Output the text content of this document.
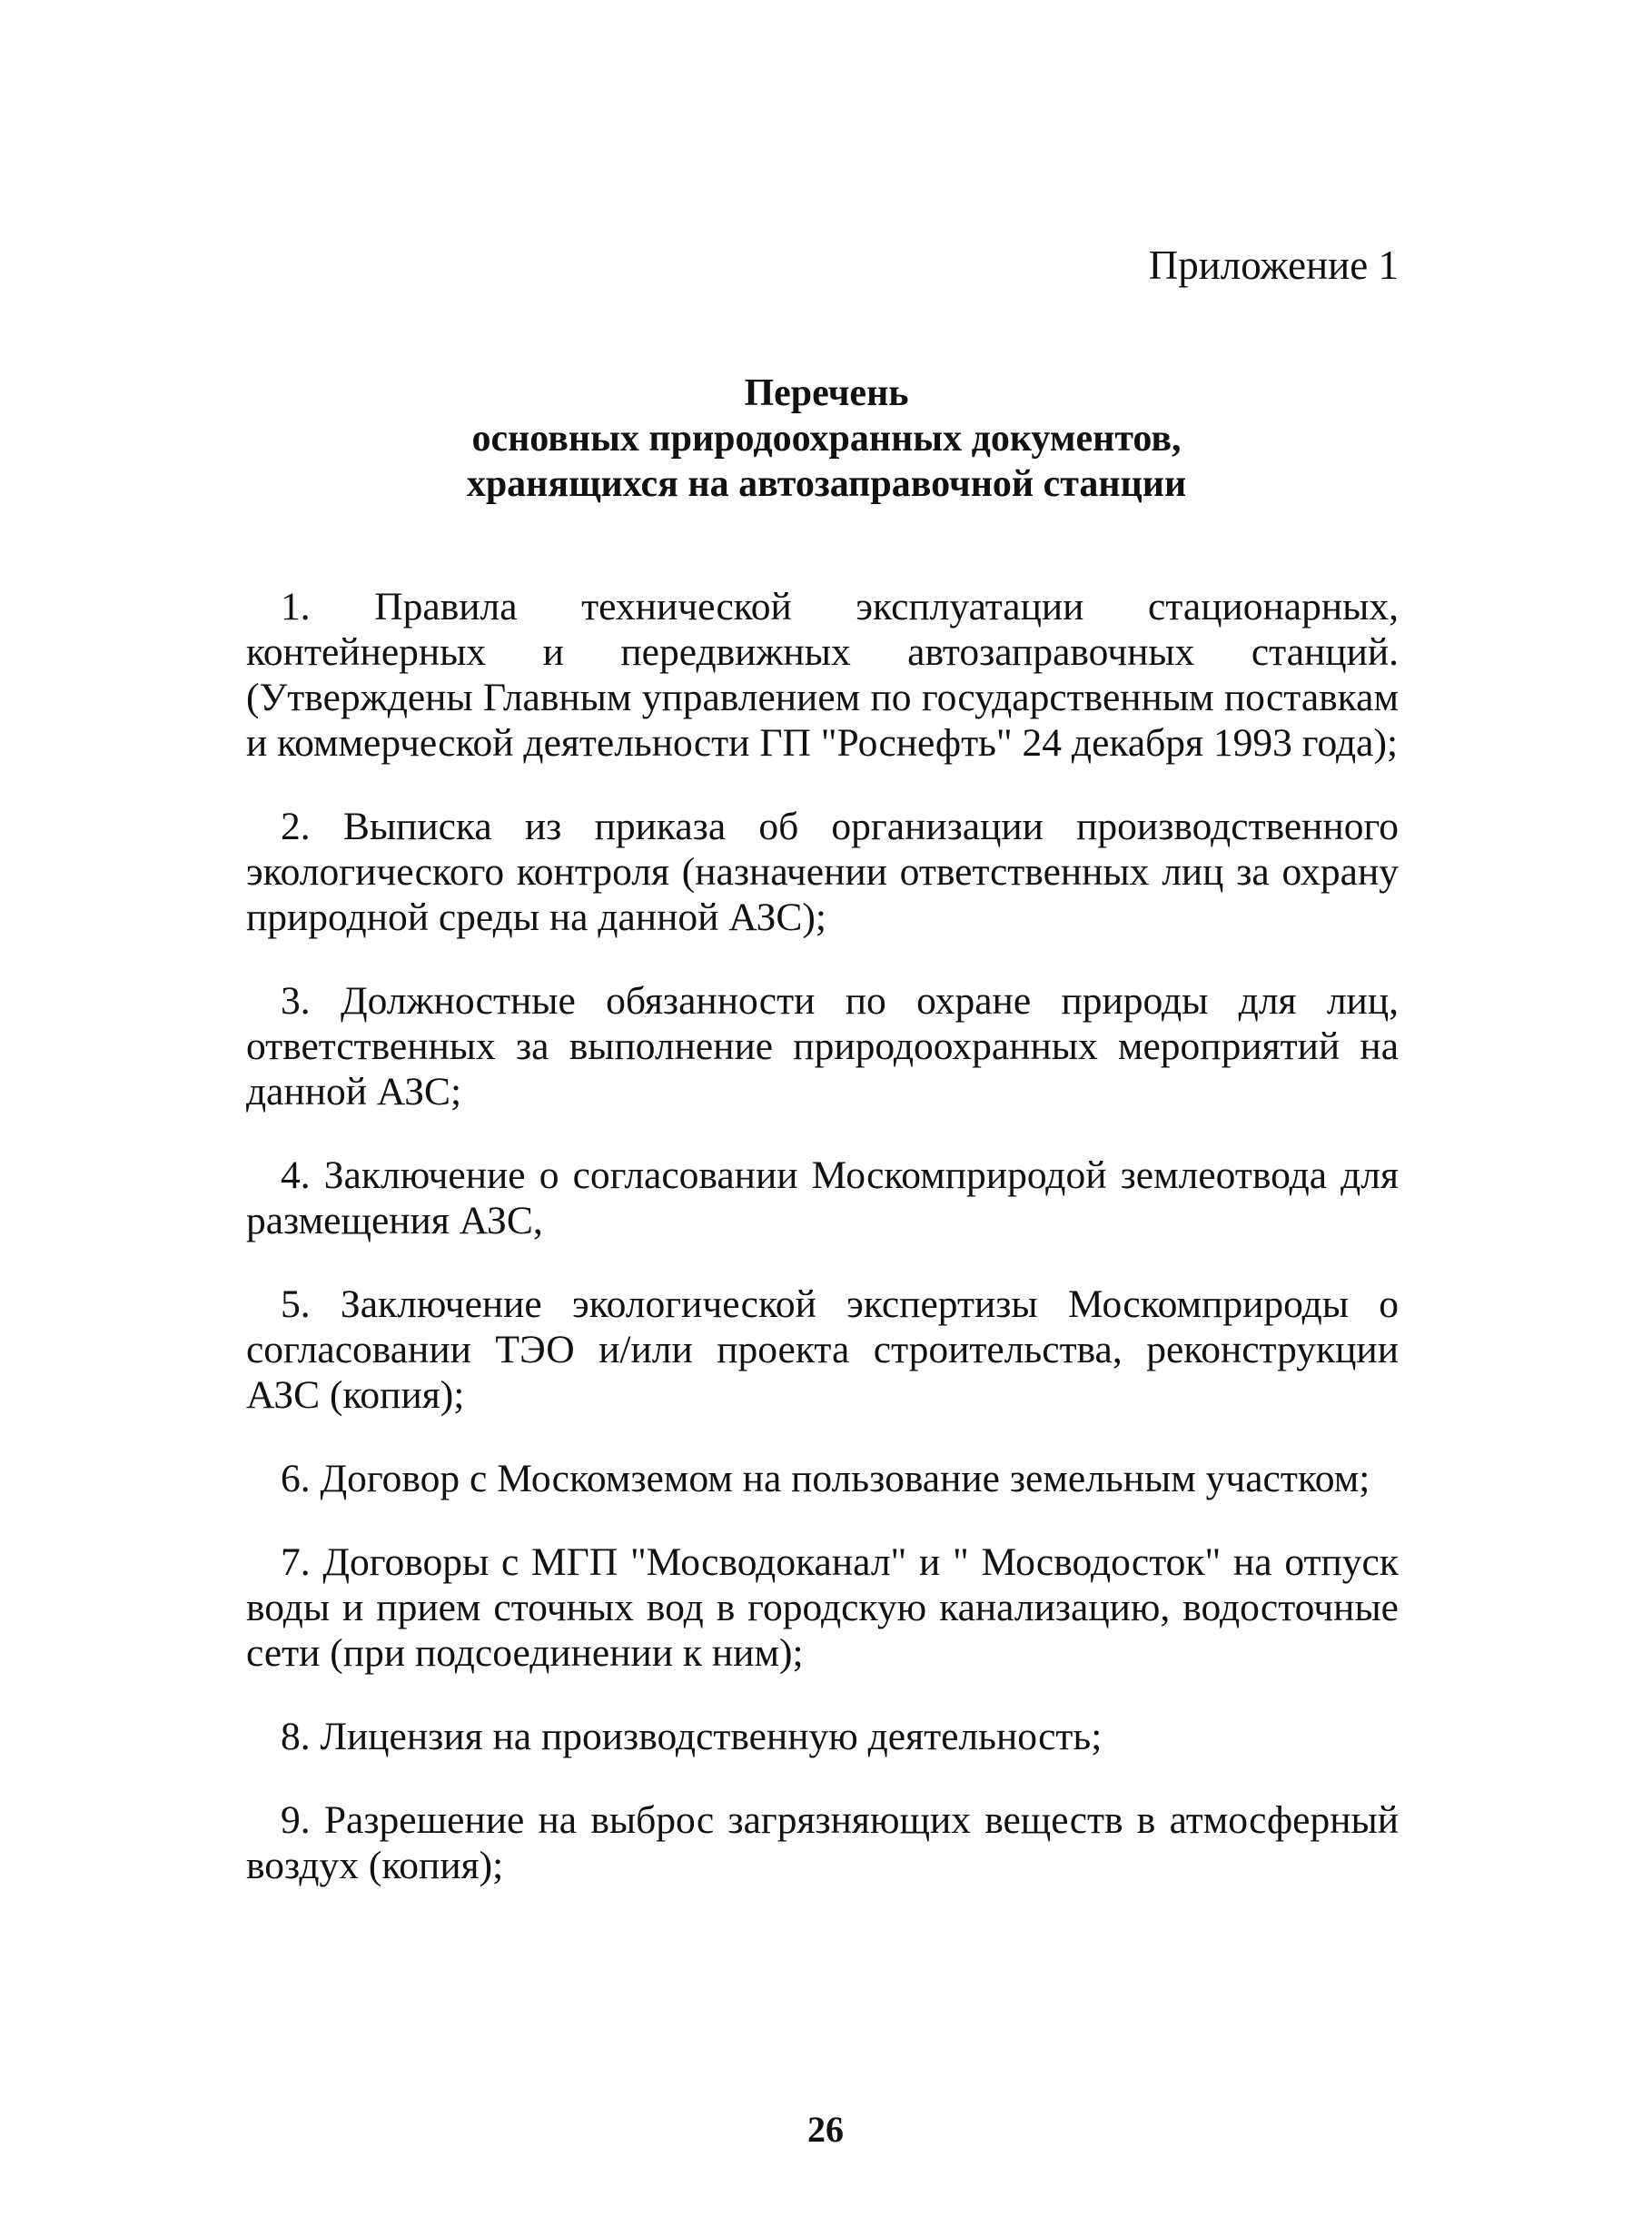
Приложение 1
Перечень
основных природоохранных документов,
хранящихся на автозаправочной станции

1. Правила технической эксплуатации стационарных, контейнерных и передвижных автозаправочных станций. (Утверждены Главным управлением по государственным поставкам и коммерческой деятельности ГП "Роснефть" 24 декабря 1993 года);

2. Выписка из приказа об организации производственного экологического контроля (назначении ответственных лиц за охрану природной среды на данной АЗС);

3. Должностные обязанности по охране природы для лиц, ответственных за выполнение природоохранных мероприятий на данной АЗС;

4. Заключение о согласовании Москомприродой землеотвода для размещения АЗС,

5. Заключение экологической экспертизы Москомприроды о согласовании ТЭО и/или проекта строительства, реконструкции АЗС (копия);

6. Договор с Москомземом на пользование земельным участком;

7. Договоры с МГП "Мосводоканал" и " Мосводосток" на отпуск воды и прием сточных вод в городскую канализацию, водосточные сети (при подсоединении к ним);

8. Лицензия на производственную деятельность;

9. Разрешение на выброс загрязняющих веществ в атмосферный воздух (копия);

26
